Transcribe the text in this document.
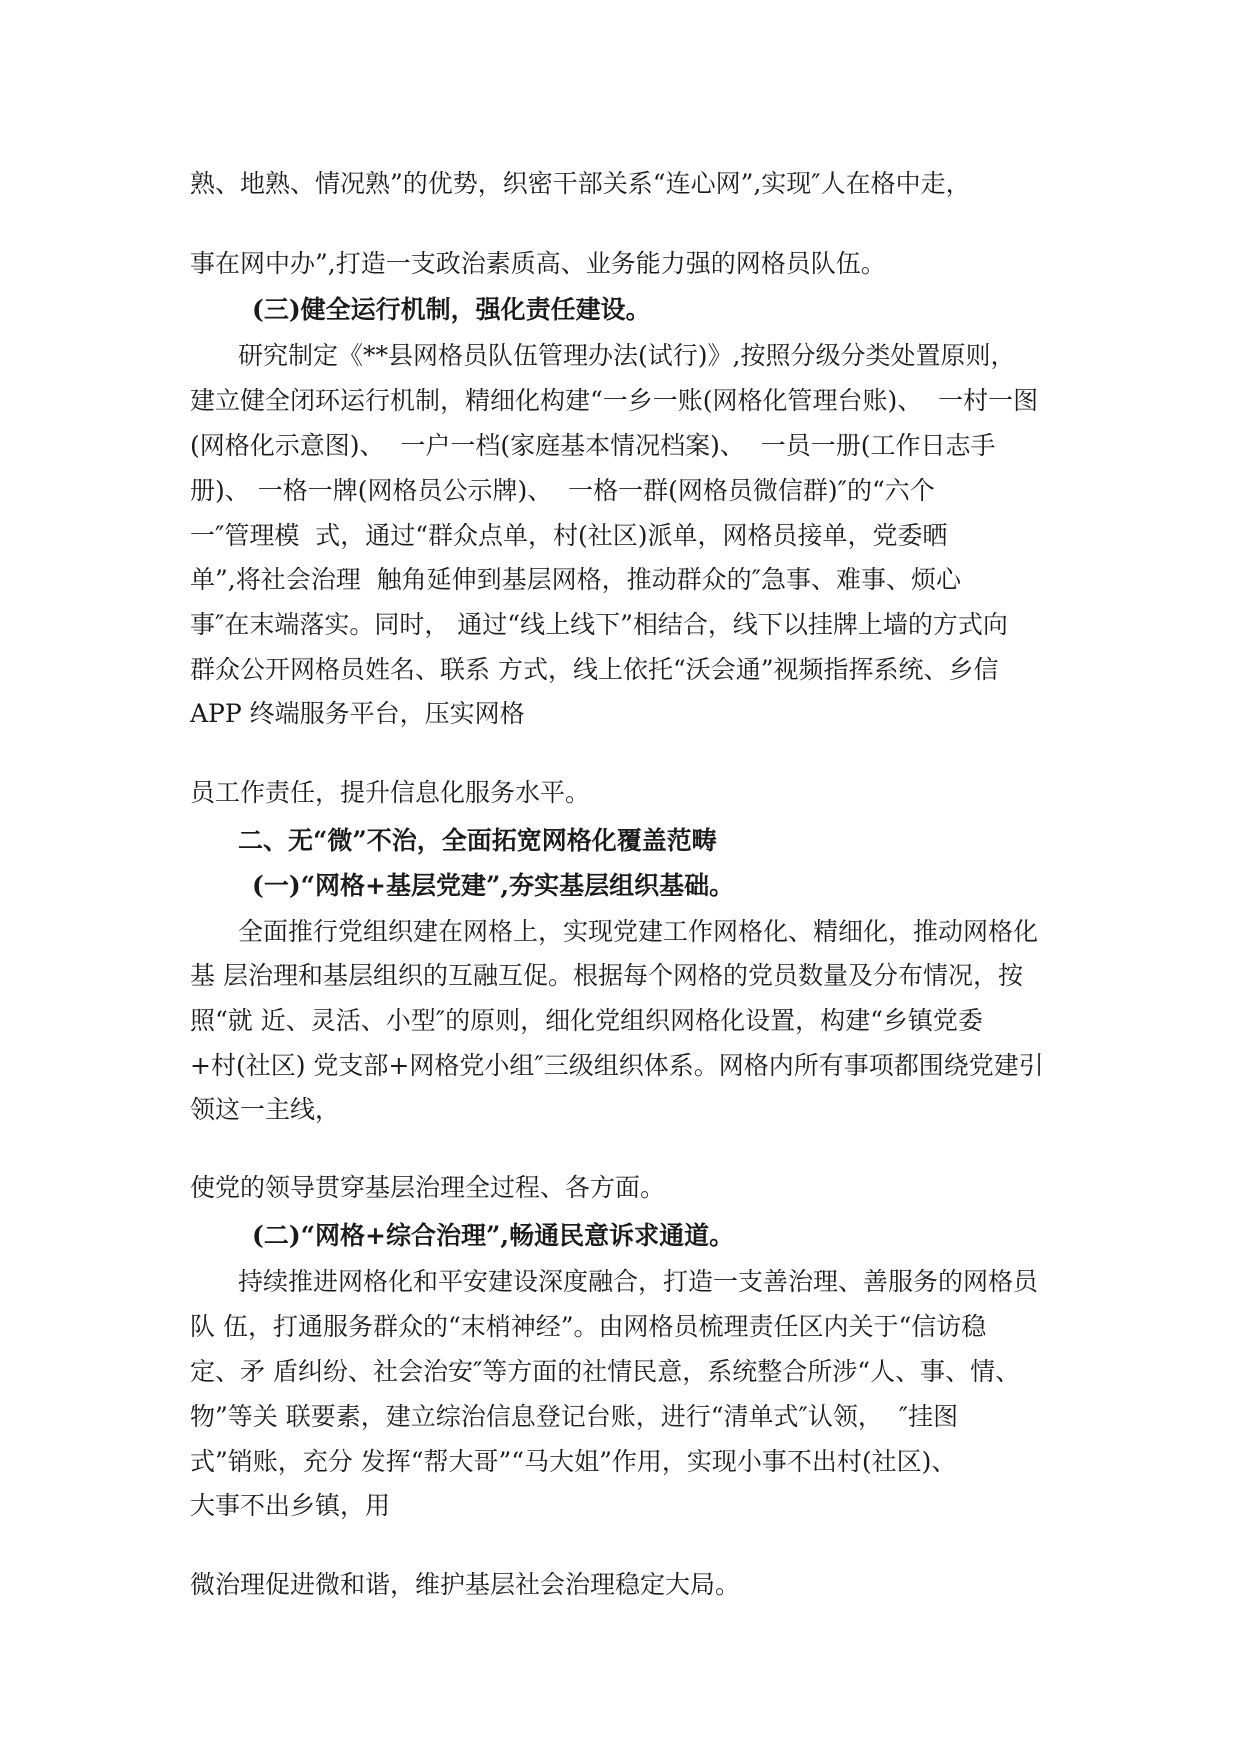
熟、地熟、情况熟”的优势，织密干部关系“连心网”,实现″人在格中走，
事在网中办”,打造一支政治素质高、业务能力强的网格员队伍。
(三)健全运行机制，强化责任建设。
研究制定《**县网格员队伍管理办法(试行)》,按照分级分类处置原则，
建立健全闭环运行机制，精细化构建“一乡一账(网格化管理台账)、  一村一图
(网格化示意图)、  一户一档(家庭基本情况档案)、  一员一册(工作日志手
册)、 一格一牌(网格员公示牌)、  一格一群(网格员微信群)″的“六个
一″管理模  式，通过“群众点单，村(社区)派单，网格员接单，党委晒
单”,将社会治理  触角延伸到基层网格，推动群众的″急事、难事、烦心
事″在末端落实。同时， 通过“线上线下”相结合，线下以挂牌上墙的方式向
群众公开网格员姓名、联系 方式，线上依托“沃会通”视频指挥系统、乡信
APP 终端服务平台，压实网格
员工作责任，提升信息化服务水平。
二、无“微”不治，全面拓宽网格化覆盖范畴
(一)“网格+基层党建”,夯实基层组织基础。
全面推行党组织建在网格上，实现党建工作网格化、精细化，推动网格化
基 层治理和基层组织的互融互促。根据每个网格的党员数量及分布情况，按
照“就 近、灵活、小型″的原则，细化党组织网格化设置，构建“乡镇党委
+村(社区) 党支部+网格党小组″三级组织体系。网格内所有事项都围绕党建引
领这一主线，
使党的领导贯穿基层治理全过程、各方面。
(二)“网格+综合治理”,畅通民意诉求通道。
持续推进网格化和平安建设深度融合，打造一支善治理、善服务的网格员
队 伍，打通服务群众的“末梢神经”。由网格员梳理责任区内关于“信访稳
定、矛 盾纠纷、社会治安″等方面的社情民意，系统整合所涉“人、事、情、
物”等关 联要素，建立综治信息登记台账，进行“清单式″认领，  ″挂图
式”销账，充分 发挥“帮大哥”“马大姐”作用，实现小事不出村(社区)、
大事不出乡镇，用
微治理促进微和谐，维护基层社会治理稳定大局。
